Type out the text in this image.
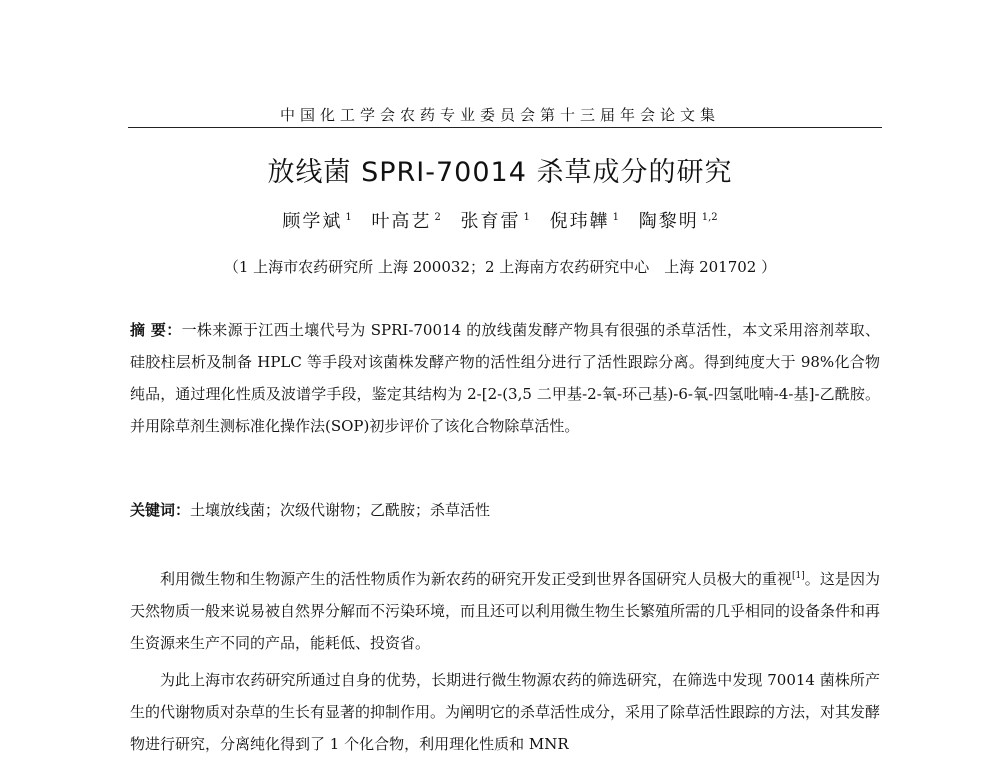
中国化工学会农药专业委员会第十三届年会论文集
放线菌 SPRI-70014 杀草成分的研究
顾学斌 $^1$ 叶高艺 $^2$ 张育雷 $^1$ 倪玮韡 $^1$ 陶黎明 $^{1,2}$
（1 上海市农药研究所 上海 200032；2 上海南方农药研究中心　上海 201702 ）
摘 要：一株来源于江西土壤代号为 SPRI-70014 的放线菌发酵产物具有很强的杀草活性，本文采用溶剂萃取、硅胶柱层析及制备 HPLC 等手段对该菌株发酵产物的活性组分进行了活性跟踪分离。得到纯度大于 98%化合物纯品，通过理化性质及波谱学手段，鉴定其结构为 2-[2-(3,5 二甲基-2-氧-环己基)-6-氧-四氢吡喃-4-基]-乙酰胺。并用除草剂生测标准化操作法(SOP)初步评价了该化合物除草活性。
关键词：土壤放线菌；次级代谢物；乙酰胺；杀草活性

利用微生物和生物源产生的活性物质作为新农药的研究开发正受到世界各国研究人员极大的重视[1]。这是因为天然物质一般来说易被自然界分解而不污染环境，而且还可以利用微生物生长繁殖所需的几乎相同的设备条件和再生资源来生产不同的产品，能耗低、投资省。

为此上海市农药研究所通过自身的优势，长期进行微生物源农药的筛选研究，在筛选中发现 70014 菌株所产生的代谢物质对杂草的生长有显著的抑制作用。为阐明它的杀草活性成分，采用了除草活性跟踪的方法，对其发酵物进行研究，分离纯化得到了 1 个化合物，利用理化性质和 MNR
